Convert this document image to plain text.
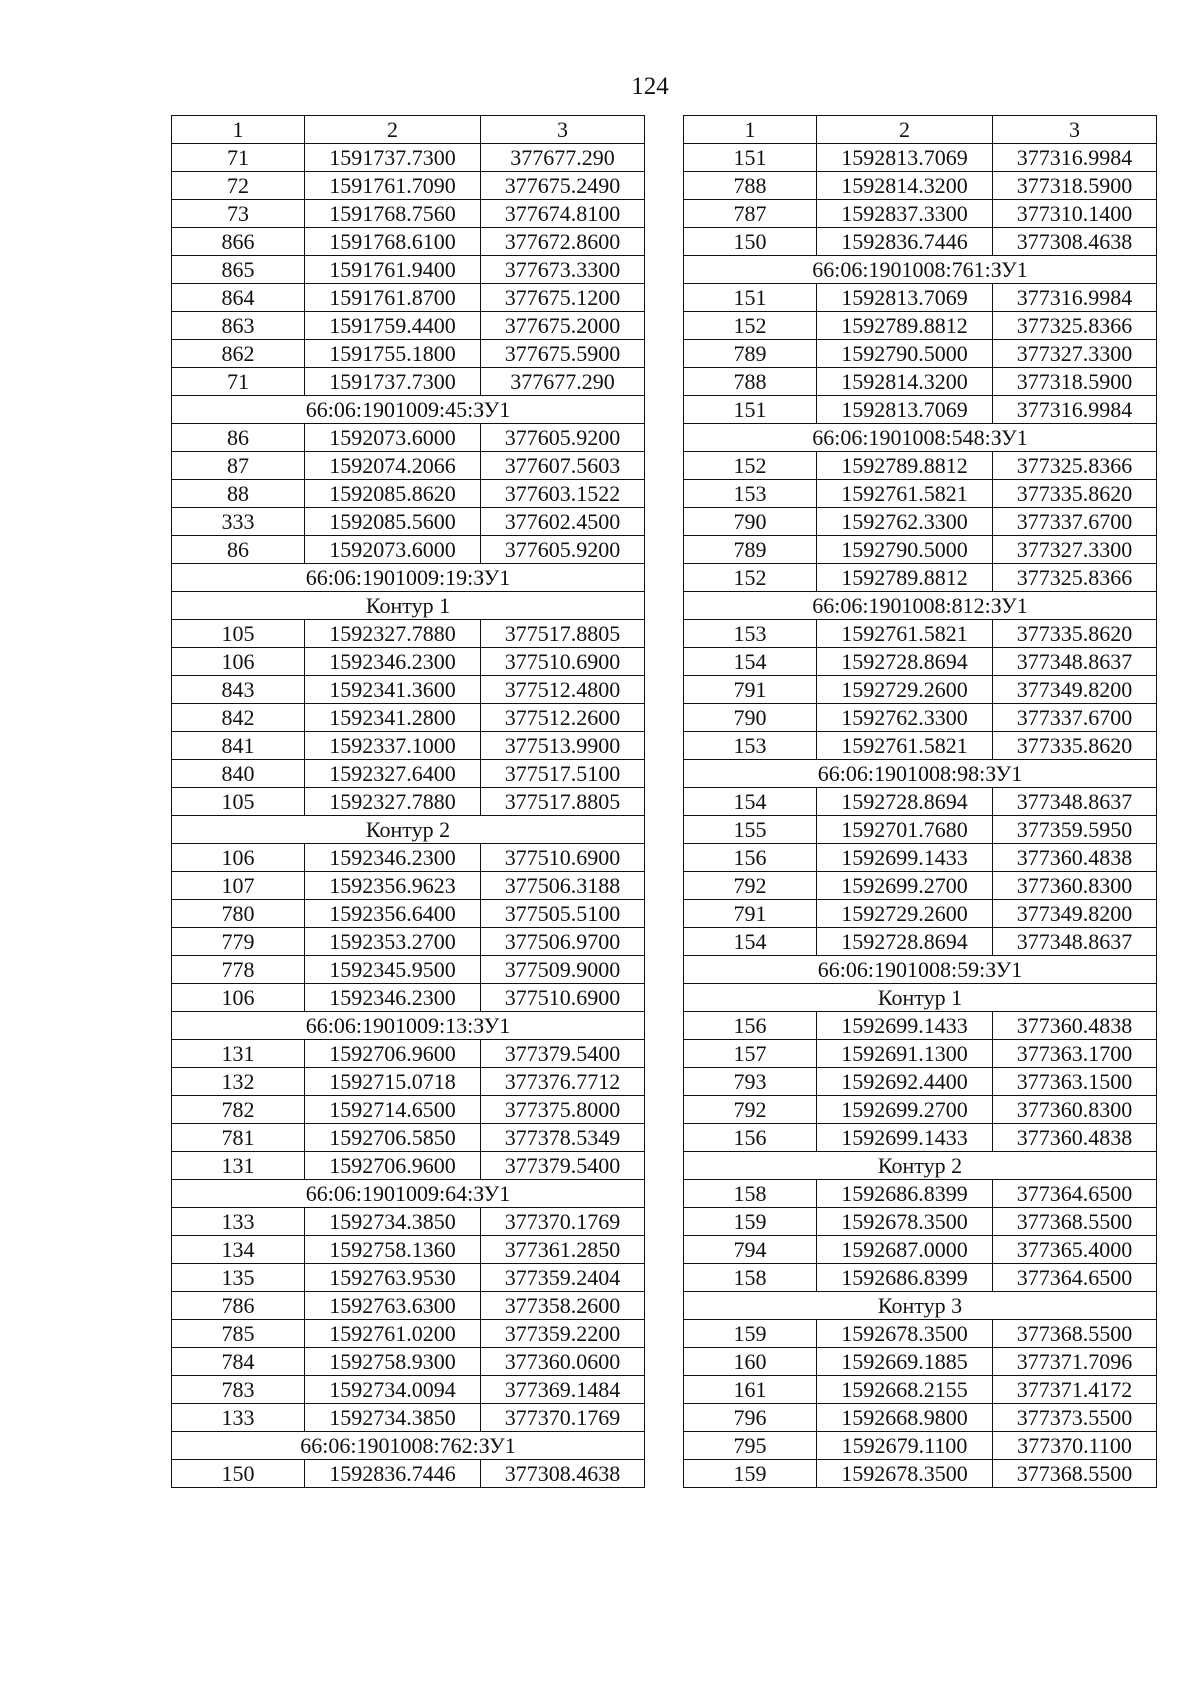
124
1	2	3
71	1591737.7300	377677.290
72	1591761.7090	377675.2490
73	1591768.7560	377674.8100
866	1591768.6100	377672.8600
865	1591761.9400	377673.3300
864	1591761.8700	377675.1200
863	1591759.4400	377675.2000
862	1591755.1800	377675.5900
71	1591737.7300	377677.290
66:06:1901009:45:ЗУ1		
86	1592073.6000	377605.9200
87	1592074.2066	377607.5603
88	1592085.8620	377603.1522
333	1592085.5600	377602.4500
86	1592073.6000	377605.9200
66:06:1901009:19:ЗУ1		
Контур 1		
105	1592327.7880	377517.8805
106	1592346.2300	377510.6900
843	1592341.3600	377512.4800
842	1592341.2800	377512.2600
841	1592337.1000	377513.9900
840	1592327.6400	377517.5100
105	1592327.7880	377517.8805
Контур 2		
106	1592346.2300	377510.6900
107	1592356.9623	377506.3188
780	1592356.6400	377505.5100
779	1592353.2700	377506.9700
778	1592345.9500	377509.9000
106	1592346.2300	377510.6900
66:06:1901009:13:ЗУ1		
131	1592706.9600	377379.5400
132	1592715.0718	377376.7712
782	1592714.6500	377375.8000
781	1592706.5850	377378.5349
131	1592706.9600	377379.5400
66:06:1901009:64:ЗУ1		
133	1592734.3850	377370.1769
134	1592758.1360	377361.2850
135	1592763.9530	377359.2404
786	1592763.6300	377358.2600
785	1592761.0200	377359.2200
784	1592758.9300	377360.0600
783	1592734.0094	377369.1484
133	1592734.3850	377370.1769
66:06:1901008:762:ЗУ1		
150	1592836.7446	377308.4638
1	2	3
151	1592813.7069	377316.9984
788	1592814.3200	377318.5900
787	1592837.3300	377310.1400
150	1592836.7446	377308.4638
66:06:1901008:761:ЗУ1		
151	1592813.7069	377316.9984
152	1592789.8812	377325.8366
789	1592790.5000	377327.3300
788	1592814.3200	377318.5900
151	1592813.7069	377316.9984
66:06:1901008:548:ЗУ1		
152	1592789.8812	377325.8366
153	1592761.5821	377335.8620
790	1592762.3300	377337.6700
789	1592790.5000	377327.3300
152	1592789.8812	377325.8366
66:06:1901008:812:ЗУ1		
153	1592761.5821	377335.8620
154	1592728.8694	377348.8637
791	1592729.2600	377349.8200
790	1592762.3300	377337.6700
153	1592761.5821	377335.8620
66:06:1901008:98:ЗУ1		
154	1592728.8694	377348.8637
155	1592701.7680	377359.5950
156	1592699.1433	377360.4838
792	1592699.2700	377360.8300
791	1592729.2600	377349.8200
154	1592728.8694	377348.8637
66:06:1901008:59:ЗУ1		
Контур 1		
156	1592699.1433	377360.4838
157	1592691.1300	377363.1700
793	1592692.4400	377363.1500
792	1592699.2700	377360.8300
156	1592699.1433	377360.4838
Контур 2		
158	1592686.8399	377364.6500
159	1592678.3500	377368.5500
794	1592687.0000	377365.4000
158	1592686.8399	377364.6500
Контур 3		
159	1592678.3500	377368.5500
160	1592669.1885	377371.7096
161	1592668.2155	377371.4172
796	1592668.9800	377373.5500
795	1592679.1100	377370.1100
159	1592678.3500	377368.5500
